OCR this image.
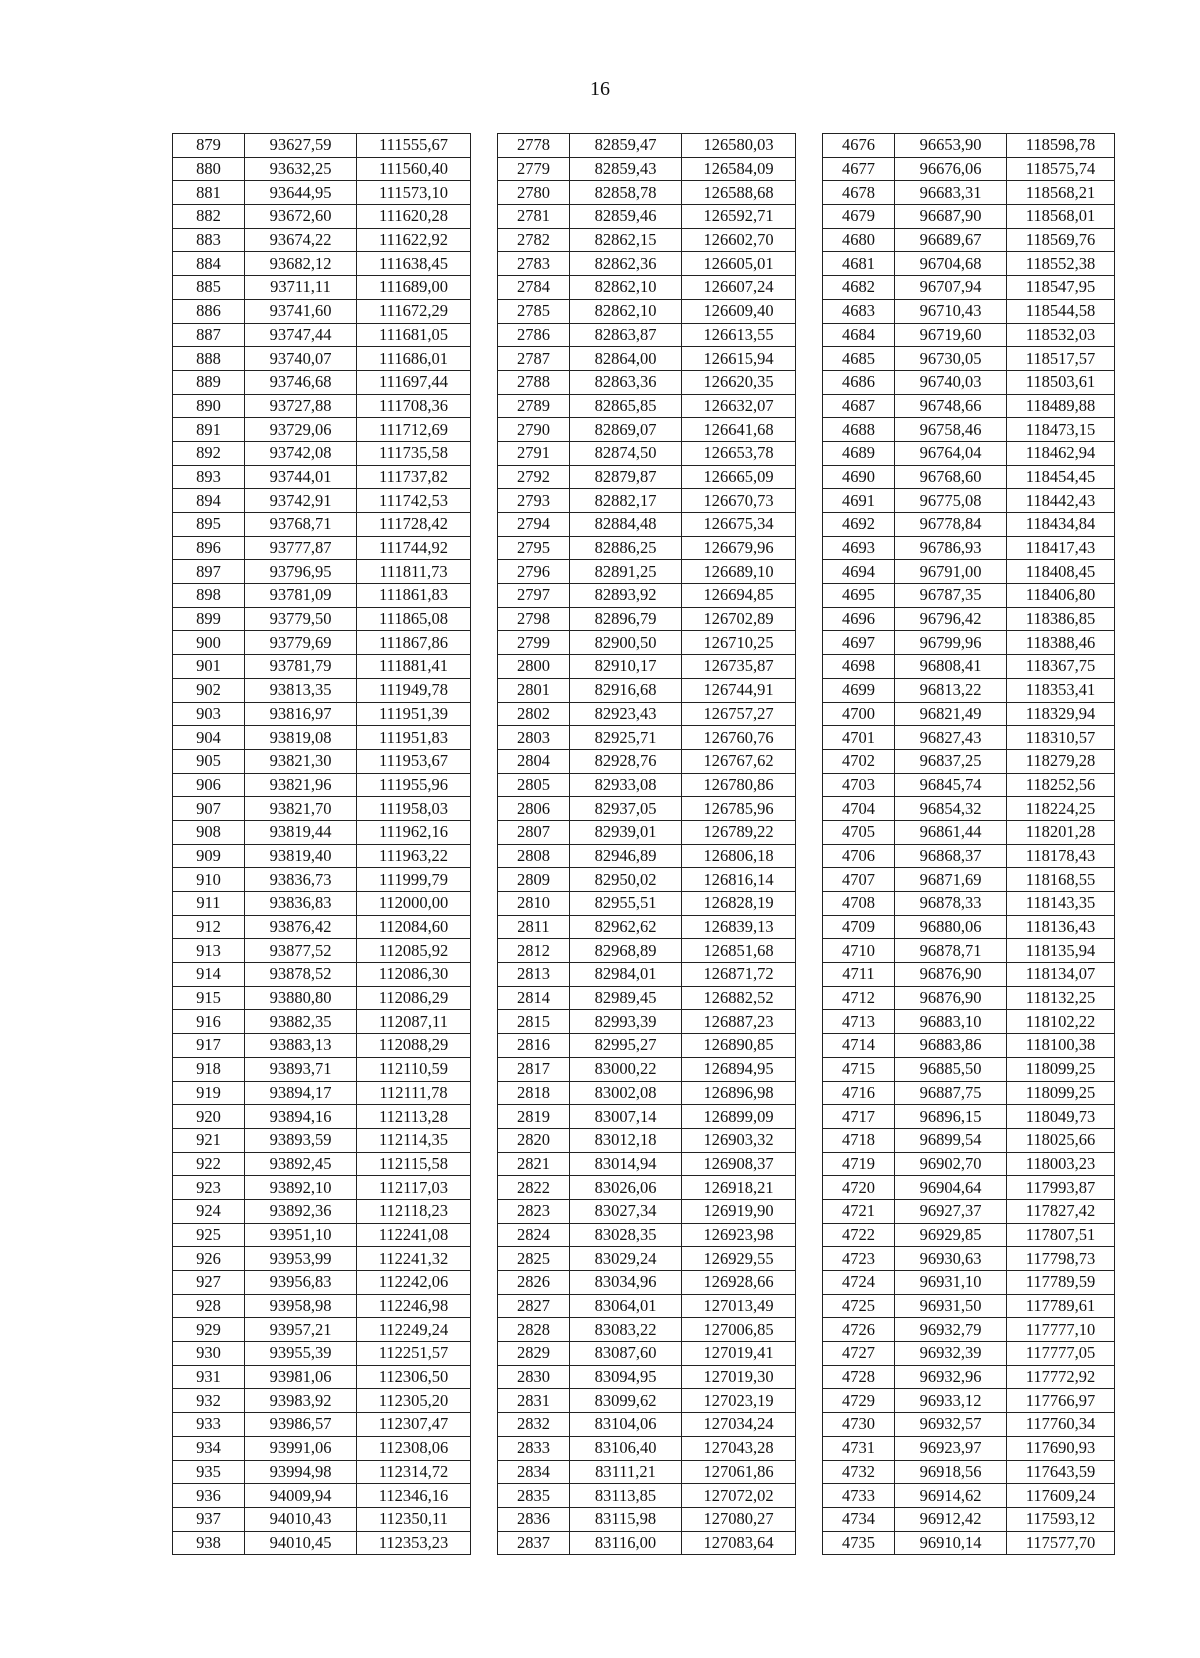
16
879	93627,59	111555,67		2778	82859,47	126580,03		4676	96653,90	118598,78
880	93632,25	111560,40		2779	82859,43	126584,09		4677	96676,06	118575,74
881	93644,95	111573,10		2780	82858,78	126588,68		4678	96683,31	118568,21
882	93672,60	111620,28		2781	82859,46	126592,71		4679	96687,90	118568,01
883	93674,22	111622,92		2782	82862,15	126602,70		4680	96689,67	118569,76
884	93682,12	111638,45		2783	82862,36	126605,01		4681	96704,68	118552,38
885	93711,11	111689,00		2784	82862,10	126607,24		4682	96707,94	118547,95
886	93741,60	111672,29		2785	82862,10	126609,40		4683	96710,43	118544,58
887	93747,44	111681,05		2786	82863,87	126613,55		4684	96719,60	118532,03
888	93740,07	111686,01		2787	82864,00	126615,94		4685	96730,05	118517,57
889	93746,68	111697,44		2788	82863,36	126620,35		4686	96740,03	118503,61
890	93727,88	111708,36		2789	82865,85	126632,07		4687	96748,66	118489,88
891	93729,06	111712,69		2790	82869,07	126641,68		4688	96758,46	118473,15
892	93742,08	111735,58		2791	82874,50	126653,78		4689	96764,04	118462,94
893	93744,01	111737,82		2792	82879,87	126665,09		4690	96768,60	118454,45
894	93742,91	111742,53		2793	82882,17	126670,73		4691	96775,08	118442,43
895	93768,71	111728,42		2794	82884,48	126675,34		4692	96778,84	118434,84
896	93777,87	111744,92		2795	82886,25	126679,96		4693	96786,93	118417,43
897	93796,95	111811,73		2796	82891,25	126689,10		4694	96791,00	118408,45
898	93781,09	111861,83		2797	82893,92	126694,85		4695	96787,35	118406,80
899	93779,50	111865,08		2798	82896,79	126702,89		4696	96796,42	118386,85
900	93779,69	111867,86		2799	82900,50	126710,25		4697	96799,96	118388,46
901	93781,79	111881,41		2800	82910,17	126735,87		4698	96808,41	118367,75
902	93813,35	111949,78		2801	82916,68	126744,91		4699	96813,22	118353,41
903	93816,97	111951,39		2802	82923,43	126757,27		4700	96821,49	118329,94
904	93819,08	111951,83		2803	82925,71	126760,76		4701	96827,43	118310,57
905	93821,30	111953,67		2804	82928,76	126767,62		4702	96837,25	118279,28
906	93821,96	111955,96		2805	82933,08	126780,86		4703	96845,74	118252,56
907	93821,70	111958,03		2806	82937,05	126785,96		4704	96854,32	118224,25
908	93819,44	111962,16		2807	82939,01	126789,22		4705	96861,44	118201,28
909	93819,40	111963,22		2808	82946,89	126806,18		4706	96868,37	118178,43
910	93836,73	111999,79		2809	82950,02	126816,14		4707	96871,69	118168,55
911	93836,83	112000,00		2810	82955,51	126828,19		4708	96878,33	118143,35
912	93876,42	112084,60		2811	82962,62	126839,13		4709	96880,06	118136,43
913	93877,52	112085,92		2812	82968,89	126851,68		4710	96878,71	118135,94
914	93878,52	112086,30		2813	82984,01	126871,72		4711	96876,90	118134,07
915	93880,80	112086,29		2814	82989,45	126882,52		4712	96876,90	118132,25
916	93882,35	112087,11		2815	82993,39	126887,23		4713	96883,10	118102,22
917	93883,13	112088,29		2816	82995,27	126890,85		4714	96883,86	118100,38
918	93893,71	112110,59		2817	83000,22	126894,95		4715	96885,50	118099,25
919	93894,17	112111,78		2818	83002,08	126896,98		4716	96887,75	118099,25
920	93894,16	112113,28		2819	83007,14	126899,09		4717	96896,15	118049,73
921	93893,59	112114,35		2820	83012,18	126903,32		4718	96899,54	118025,66
922	93892,45	112115,58		2821	83014,94	126908,37		4719	96902,70	118003,23
923	93892,10	112117,03		2822	83026,06	126918,21		4720	96904,64	117993,87
924	93892,36	112118,23		2823	83027,34	126919,90		4721	96927,37	117827,42
925	93951,10	112241,08		2824	83028,35	126923,98		4722	96929,85	117807,51
926	93953,99	112241,32		2825	83029,24	126929,55		4723	96930,63	117798,73
927	93956,83	112242,06		2826	83034,96	126928,66		4724	96931,10	117789,59
928	93958,98	112246,98		2827	83064,01	127013,49		4725	96931,50	117789,61
929	93957,21	112249,24		2828	83083,22	127006,85		4726	96932,79	117777,10
930	93955,39	112251,57		2829	83087,60	127019,41		4727	96932,39	117777,05
931	93981,06	112306,50		2830	83094,95	127019,30		4728	96932,96	117772,92
932	93983,92	112305,20		2831	83099,62	127023,19		4729	96933,12	117766,97
933	93986,57	112307,47		2832	83104,06	127034,24		4730	96932,57	117760,34
934	93991,06	112308,06		2833	83106,40	127043,28		4731	96923,97	117690,93
935	93994,98	112314,72		2834	83111,21	127061,86		4732	96918,56	117643,59
936	94009,94	112346,16		2835	83113,85	127072,02		4733	96914,62	117609,24
937	94010,43	112350,11		2836	83115,98	127080,27		4734	96912,42	117593,12
938	94010,45	112353,23		2837	83116,00	127083,64		4735	96910,14	117577,70
